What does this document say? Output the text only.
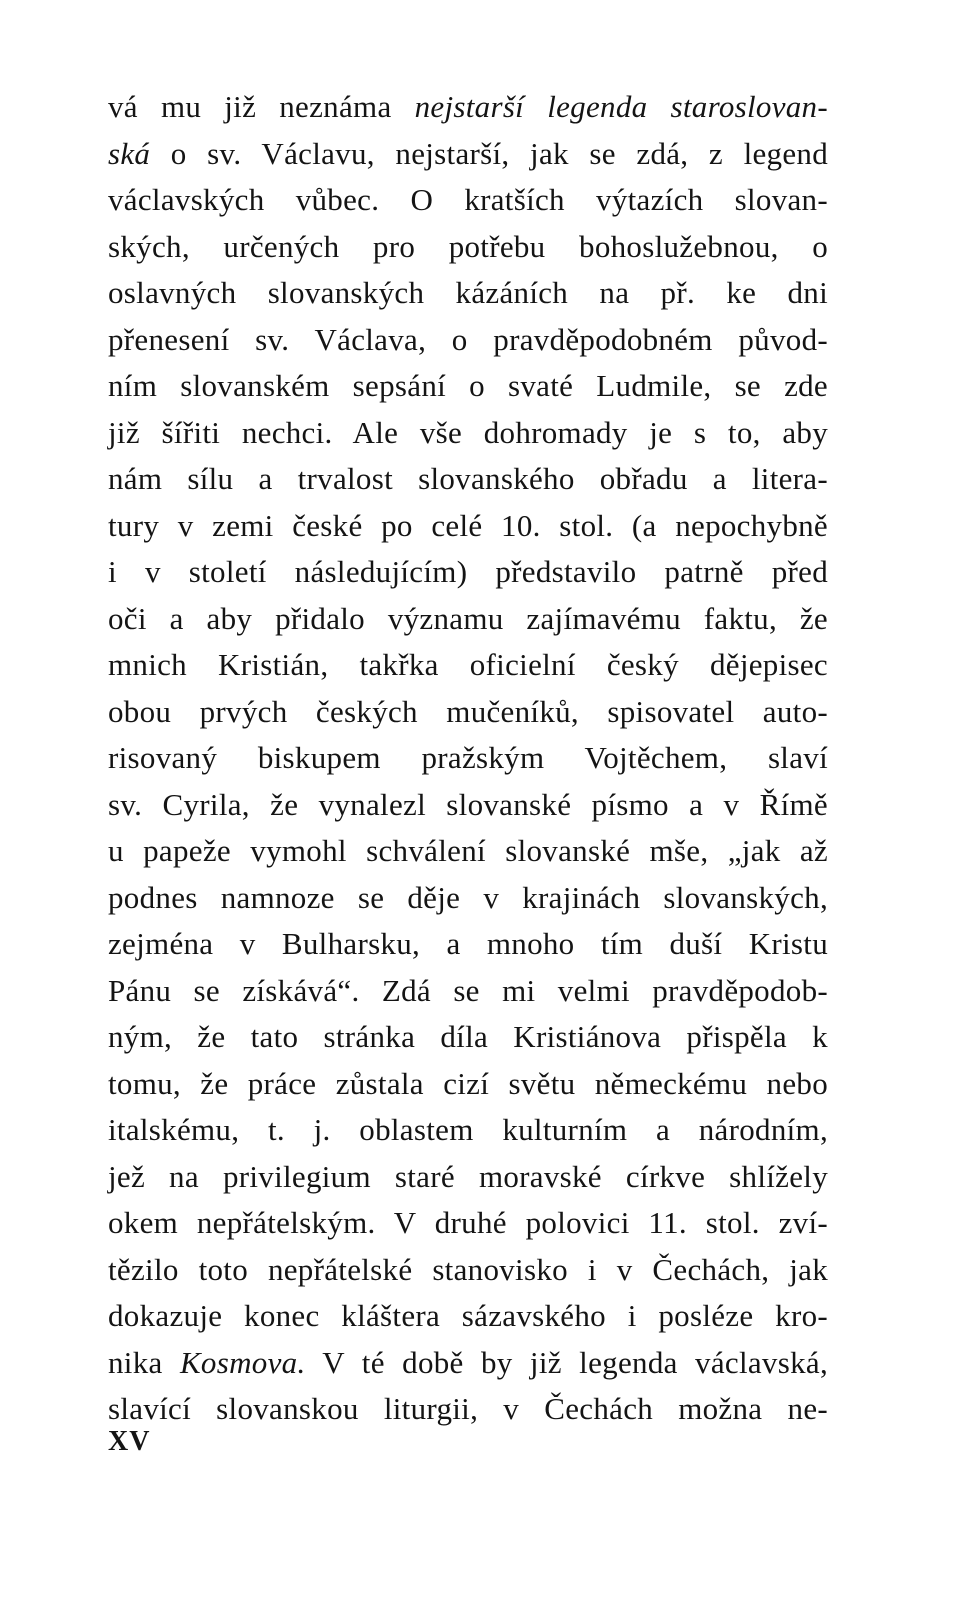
vá mu již neznáma nejstarší legenda staroslovan-
ská o sv. Václavu, nejstarší, jak se zdá, z legend
václavských vůbec. O kratších výtazích slovan-
ských, určených pro potřebu bohoslužebnou, o
oslavných slovanských kázáních na př. ke dni
přenesení sv. Václava, o pravděpodobném původ-
ním slovanském sepsání o svaté Ludmile, se zde
již šířiti nechci. Ale vše dohromady je s to, aby
nám sílu a trvalost slovanského obřadu a litera-
tury v zemi české po celé 10. stol. (a nepochybně
i v století následujícím) představilo patrně před
oči a aby přidalo významu zajímavému faktu, že
mnich Kristián, takřka oficielní český dějepisec
obou prvých českých mučeníků, spisovatel auto-
risovaný biskupem pražským Vojtěchem, slaví
sv. Cyrila, že vynalezl slovanské písmo a v Římě
u papeže vymohl schválení slovanské mše, „jak až
podnes namnoze se děje v krajinách slovanských,
zejména v Bulharsku, a mnoho tím duší Kristu
Pánu se získává“. Zdá se mi velmi pravděpodob-
ným, že tato stránka díla Kristiánova přispěla k
tomu, že práce zůstala cizí světu německému nebo
italskému, t. j. oblastem kulturním a národním,
jež na privilegium staré moravské církve shlížely
okem nepřátelským. V druhé polovici 11. stol. zví-
tězilo toto nepřátelské stanovisko i v Čechách, jak
dokazuje konec kláštera sázavského i posléze kro-
nika Kosmova. V té době by již legenda václavská,
slavící slovanskou liturgii, v Čechách možna ne-
XV
